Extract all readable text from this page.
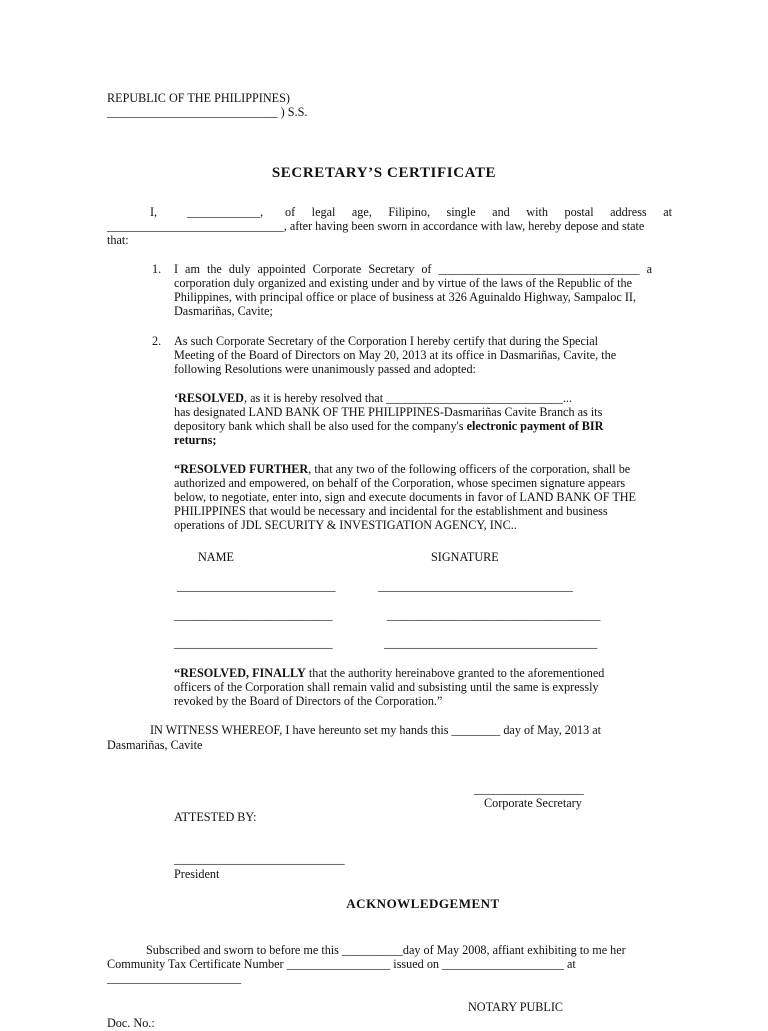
REPUBLIC OF THE PHILIPPINES)
____________________________ ) S.S.
SECRETARY’S CERTIFICATE
I, ____________, of legal age, Filipino, single and with postal address at
_____________________________, after having been sworn in accordance with law, hereby depose and state
that:
1. I am the duly appointed Corporate Secretary of _________________________________ a
corporation duly organized and existing under and by virtue of the laws of the Republic of the
Philippines, with principal office or place of business at 326 Aguinaldo Highway, Sampaloc II,
Dasmariñas, Cavite;
2. As such Corporate Secretary of the Corporation I hereby certify that during the Special
Meeting of the Board of Directors on May 20, 2013 at its office in Dasmariñas, Cavite, the
following Resolutions were unanimously passed and adopted:
‘RESOLVED, as it is hereby resolved that _____________________________...
has designated LAND BANK OF THE PHILIPPINES-Dasmariñas Cavite Branch as its
depository bank which shall be also used for the company's electronic payment of BIR
returns;
“RESOLVED FURTHER, that any two of the following officers of the corporation, shall be
authorized and empowered, on behalf of the Corporation, whose specimen signature appears
below, to negotiate, enter into, sign and execute documents in favor of LAND BANK OF THE
PHILIPPINES that would be necessary and incidental for the establishment and business
operations of JDL SECURITY & INVESTIGATION AGENCY, INC..
NAME	SIGNATURE
__________________________	________________________________
__________________________	___________________________________
__________________________	___________________________________
“RESOLVED, FINALLY that the authority hereinabove granted to the aforementioned
officers of the Corporation shall remain valid and subsisting until the same is expressly
revoked by the Board of Directors of the Corporation.”
IN WITNESS WHEREOF, I have hereunto set my hands this ________ day of May, 2013 at
Dasmariñas, Cavite
__________________
Corporate Secretary
ATTESTED BY:
____________________________
President
ACKNOWLEDGEMENT
Subscribed and sworn to before me this __________day of May 2008, affiant exhibiting to me her
Community Tax Certificate Number _________________ issued on ____________________ at
______________________
NOTARY PUBLIC
Doc. No.:
